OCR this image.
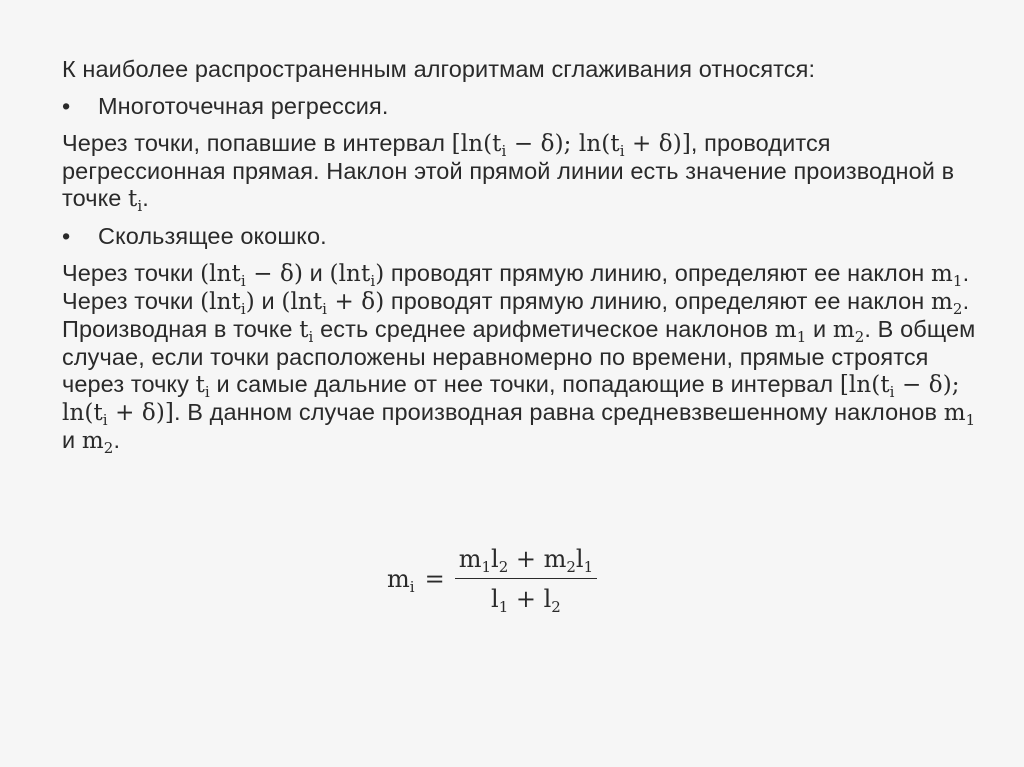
К наиболее распространенным алгоритмам сглаживания относятся:

• Многоточечная регрессия.

Через точки, попавшие в интервал [$\ln(t_i - \delta)$; $\ln(t_i + \delta)$], проводится регрессионная прямая. Наклон этой прямой линии есть значение производной в точке $t_i$.

• Скользящее окошко.

Через точки (lnt$_i$ − δ) и (lnt$_i$) проводят прямую линию, определяют ее наклон $m_1$. Через точки (lnt$_i$) и (lnt$_i$ + δ) проводят прямую линию, определяют ее наклон $m_2$. Производная в точке $t_i$ есть среднее арифметическое наклонов $m_1$ и $m_2$. В общем случае, если точки расположены неравномерно по времени, прямые строятся через точку $t_i$ и самые дальние от нее точки, попадающие в интервал [$\ln(t_i - \delta)$; $\ln(t_i + \delta)$]. В данном случае производная равна средневзвешенному наклонов $m_1$ и $m_2$.

$m_i = \frac{m_1l_2 + m_2l_1}{l_1 + l_2}$
